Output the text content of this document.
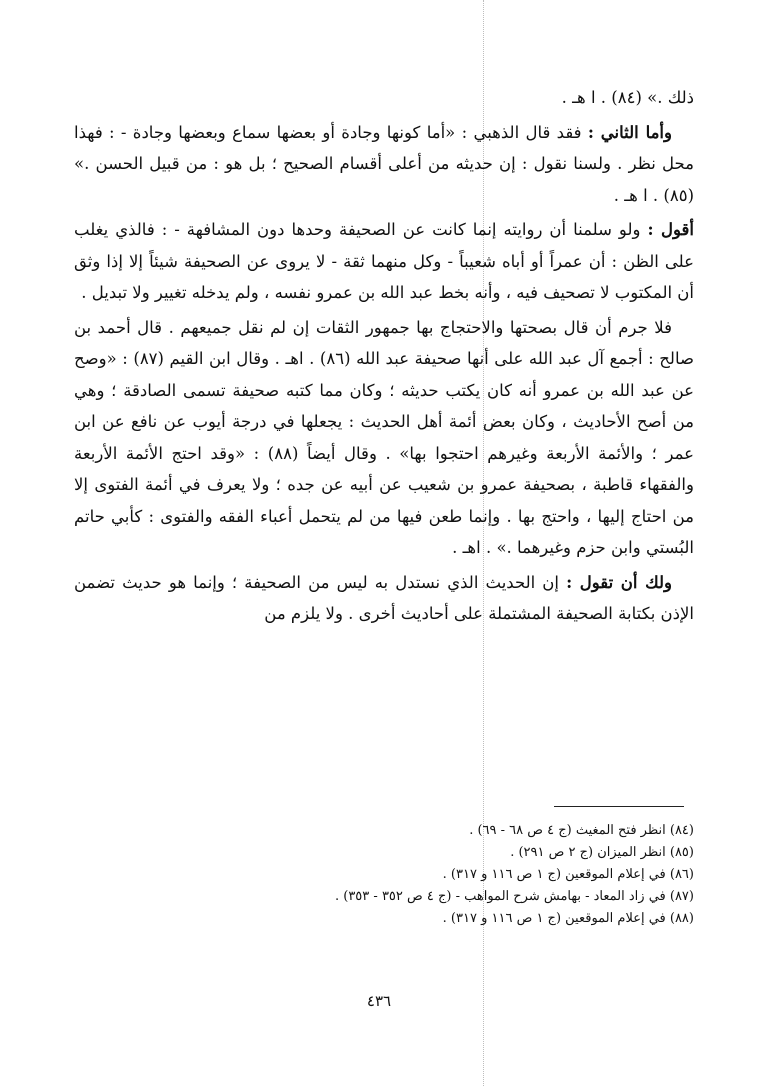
ذلك .» (٨٤) . ا هـ .

وأما الثاني : فقد قال الذهبي : «أما كونها وجادة أو بعضها سماع وبعضها وجادة - : فهذا محل نظر . ولسنا نقول : إن حديثه من أعلى أقسام الصحيح ؛ بل هو : من قبيل الحسن .» (٨٥) . ا هـ .

أقول : ولو سلمنا أن روايته إنما كانت عن الصحيفة وحدها دون المشافهة - : فالذي يغلب على الظن : أن عمراً أو أباه شعيباً - وكل منهما ثقة - لا يروى عن الصحيفة شيئاً إلا إذا وثق أن المكتوب لا تصحيف فيه ، وأنه بخط عبد الله بن عمرو نفسه ، ولم يدخله تغيير ولا تبديل .

فلا جرم أن قال بصحتها والاحتجاج بها جمهور الثقات إن لم نقل جميعهم . قال أحمد بن صالح : أجمع آل عبد الله على أنها صحيفة عبد الله (٨٦) . اهـ . وقال ابن القيم (٨٧) : «وصح عن عبد الله بن عمرو أنه كان يكتب حديثه ؛ وكان مما كتبه صحيفة تسمى الصادقة ؛ وهي من أصح الأحاديث ، وكان بعض أئمة أهل الحديث : يجعلها في درجة أيوب عن نافع عن ابن عمر ؛ والأئمة الأربعة وغيرهم احتجوا بها» . وقال أيضاً (٨٨) : «وقد احتج الأئمة الأربعة والفقهاء قاطبة ، بصحيفة عمرو بن شعيب عن أبيه عن جده ؛ ولا يعرف في أئمة الفتوى إلا من احتاج إليها ، واحتج بها . وإنما طعن فيها من لم يتحمل أعباء الفقه والفتوى : كأبي حاتم البُستي وابن حزم وغيرهما .» . اهـ .

ولك أن تقول : إن الحديث الذي نستدل به ليس من الصحيفة ؛ وإنما هو حديث تضمن الإذن بكتابة الصحيفة المشتملة على أحاديث أخرى . ولا يلزم من

(٨٤) انظر فتح المغيث (ج ٤ ص ٦٨ - ٦٩) .
(٨٥) انظر الميزان (ج ٢ ص ٢٩١) .
(٨٦) في إعلام الموقعين (ج ١ ص ١١٦ و ٣١٧) .
(٨٧) في زاد المعاد - بهامش شرح المواهب - (ج ٤ ص ٣٥٢ - ٣٥٣) .
(٨٨) في إعلام الموقعين (ج ١ ص ١١٦ و ٣١٧) .
٤٣٦
